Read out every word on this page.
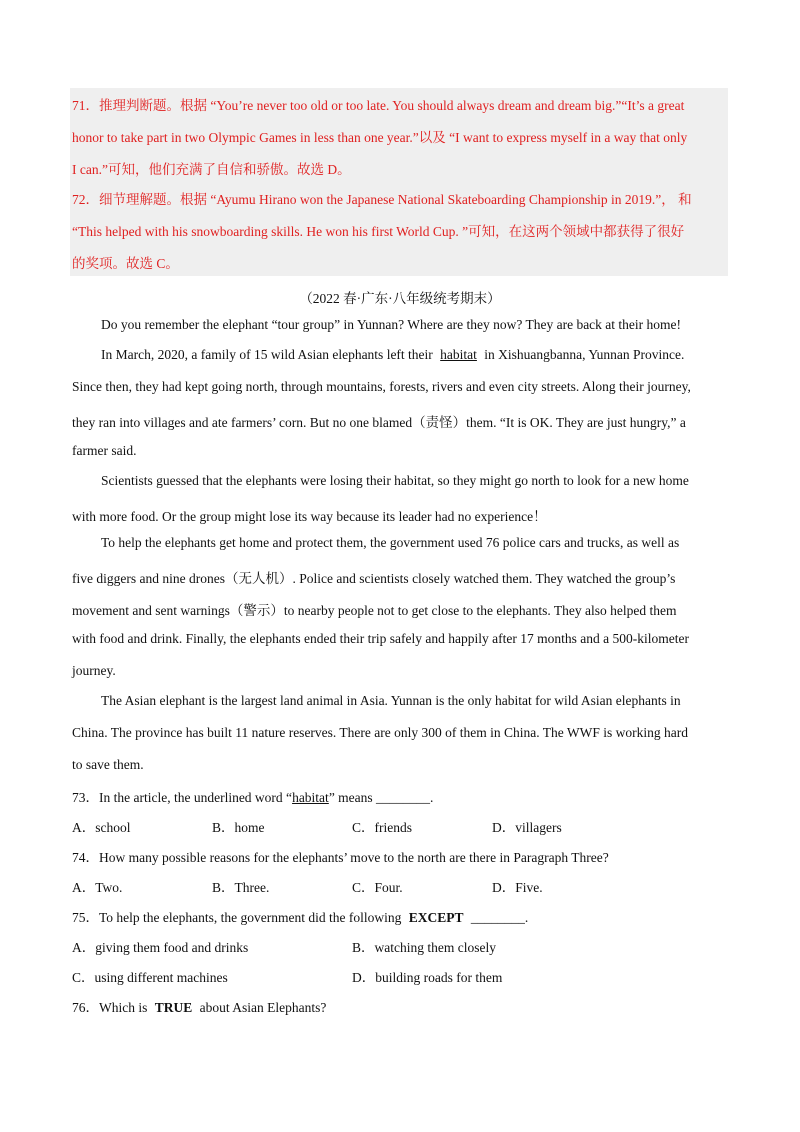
71．推理判断题。根据 “You’re never too old or too late. You should always dream and dream big.”“It’s a great
honor to take part in two Olympic Games in less than one year.”以及 “I want to express myself in a way that only
I can.”可知，他们充满了自信和骄傲。故选 D。
72．细节理解题。根据 “Ayumu Hirano won the Japanese National Skateboarding Championship in 2019.”， 和
“This helped with his snowboarding skills. He won his first World Cup. ”可知，在这两个领域中都获得了很好
的奖项。故选 C。
（2022 春·广东·八年级统考期末）
Do you remember the elephant “tour group” in Yunnan? Where are they now? They are back at their home!
In March, 2020, a family of 15 wild Asian elephants left their habitat in Xishuangbanna, Yunnan Province.
Since then, they had kept going north, through mountains, forests, rivers and even city streets. Along their journey,
they ran into villages and ate farmers’ corn. But no one blamed（责怪）them. “It is OK. They are just hungry,” a
farmer said.
Scientists guessed that the elephants were losing their habitat, so they might go north to look for a new home
with more food. Or the group might lose its way because its leader had no experience！
To help the elephants get home and protect them, the government used 76 police cars and trucks, as well as
five diggers and nine drones（无人机）. Police and scientists closely watched them. They watched the group’s
movement and sent warnings（警示）to nearby people not to get close to the elephants. They also helped them
with food and drink. Finally, the elephants ended their trip safely and happily after 17 months and a 500-kilometer
journey.
The Asian elephant is the largest land animal in Asia. Yunnan is the only habitat for wild Asian elephants in
China. The province has built 11 nature reserves. There are only 300 of them in China. The WWF is working hard
to save them.
73．In the article, the underlined word “habitat” means ________.
A．school	B．home	C．friends	D．villagers
74．How many possible reasons for the elephants’ move to the north are there in Paragraph Three?
A．Two.	B．Three.	C．Four.	D．Five.
75．To help the elephants, the government did the following EXCEPT ________.
A．giving them food and drinks	B．watching them closely
C．using different machines	D．building roads for them
76．Which is TRUE about Asian Elephants?
